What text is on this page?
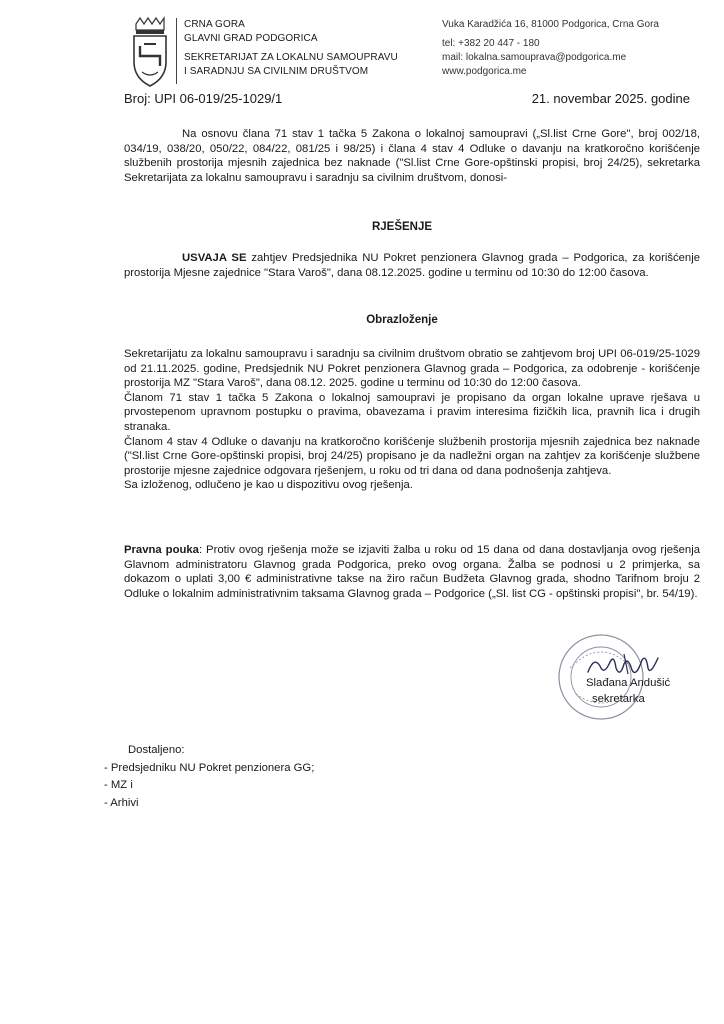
CRNA GORA
GLAVNI GRAD PODGORICA
SEKRETARIJAT ZA LOKALNU SAMOUPRAVU
I SARADNJU SA CIVILNIM DRUŠTVOM
Vuka Karadžića 16, 81000 Podgorica, Crna Gora
tel: +382 20 447 - 180
mail: lokalna.samouprava@podgorica.me
www.podgorica.me
Broj: UPI 06-019/25-1029/1	21. novembar 2025. godine
Na osnovu člana 71 stav 1 tačka 5 Zakona o lokalnoj samoupravi („Sl.list Crne Gore", broj 002/18, 034/19, 038/20, 050/22, 084/22, 081/25 i 98/25) i člana 4 stav 4 Odluke o davanju na kratkoročno korišćenje službenih prostorija mjesnih zajednica bez naknade ("Sl.list Crne Gore-opštinski propisi, broj 24/25), sekretarka Sekretarijata za lokalnu samoupravu i saradnju sa civilnim društvom, donosi-
RJEŠENJE
USVAJA SE zahtjev Predsjednika NU Pokret penzionera Glavnog grada – Podgorica, za korišćenje prostorija Mjesne zajednice "Stara Varoš", dana 08.12.2025. godine u terminu od 10:30 do 12:00 časova.
Obrazloženje

Sekretarijatu za lokalnu samoupravu i saradnju sa civilnim društvom obratio se zahtjevom broj UPI 06-019/25-1029 od 21.11.2025. godine, Predsjednik NU Pokret penzionera Glavnog grada – Podgorica, za odobrenje - korišćenje prostorija MZ "Stara Varoš", dana 08.12. 2025. godine u terminu od 10:30 do 12:00 časova.

Članom 71 stav 1 tačka 5 Zakona o lokalnoj samoupravi je propisano da organ lokalne uprave rješava u prvostepenom upravnom postupku o pravima, obavezama i pravim interesima fizičkih lica, pravnih lica i drugih stranaka.

Članom 4 stav 4 Odluke o davanju na kratkoročno korišćenje službenih prostorija mjesnih zajednica bez naknade ("Sl.list Crne Gore-opštinski propisi, broj 24/25) propisano je da nadležni organ na zahtjev za korišćenje službene prostorije mjesne zajednice odgovara rješenjem, u roku od tri dana od dana podnošenja zahtjeva.

Sa izloženog, odlučeno je kao u dispozitivu ovog rješenja.

Pravna pouka: Protiv ovog rješenja može se izjaviti žalba u roku od 15 dana od dana dostavljanja ovog rješenja Glavnom administratoru Glavnog grada Podgorica, preko ovog organa. Žalba se podnosi u 2 primjerka, sa dokazom o uplati 3,00 € administrativne takse na žiro račun Budžeta Glavnog grada, shodno Tarifnom broju 2 Odluke o lokalnim administrativnim taksama Glavnog grada – Podgorice („Sl. list CG - opštinski propisi", br. 54/19).
Slađana Andušić
sekretarka
Dostaljeno:
- Predsjedniku NU Pokret penzionera GG;
- MZ i
- Arhivi
